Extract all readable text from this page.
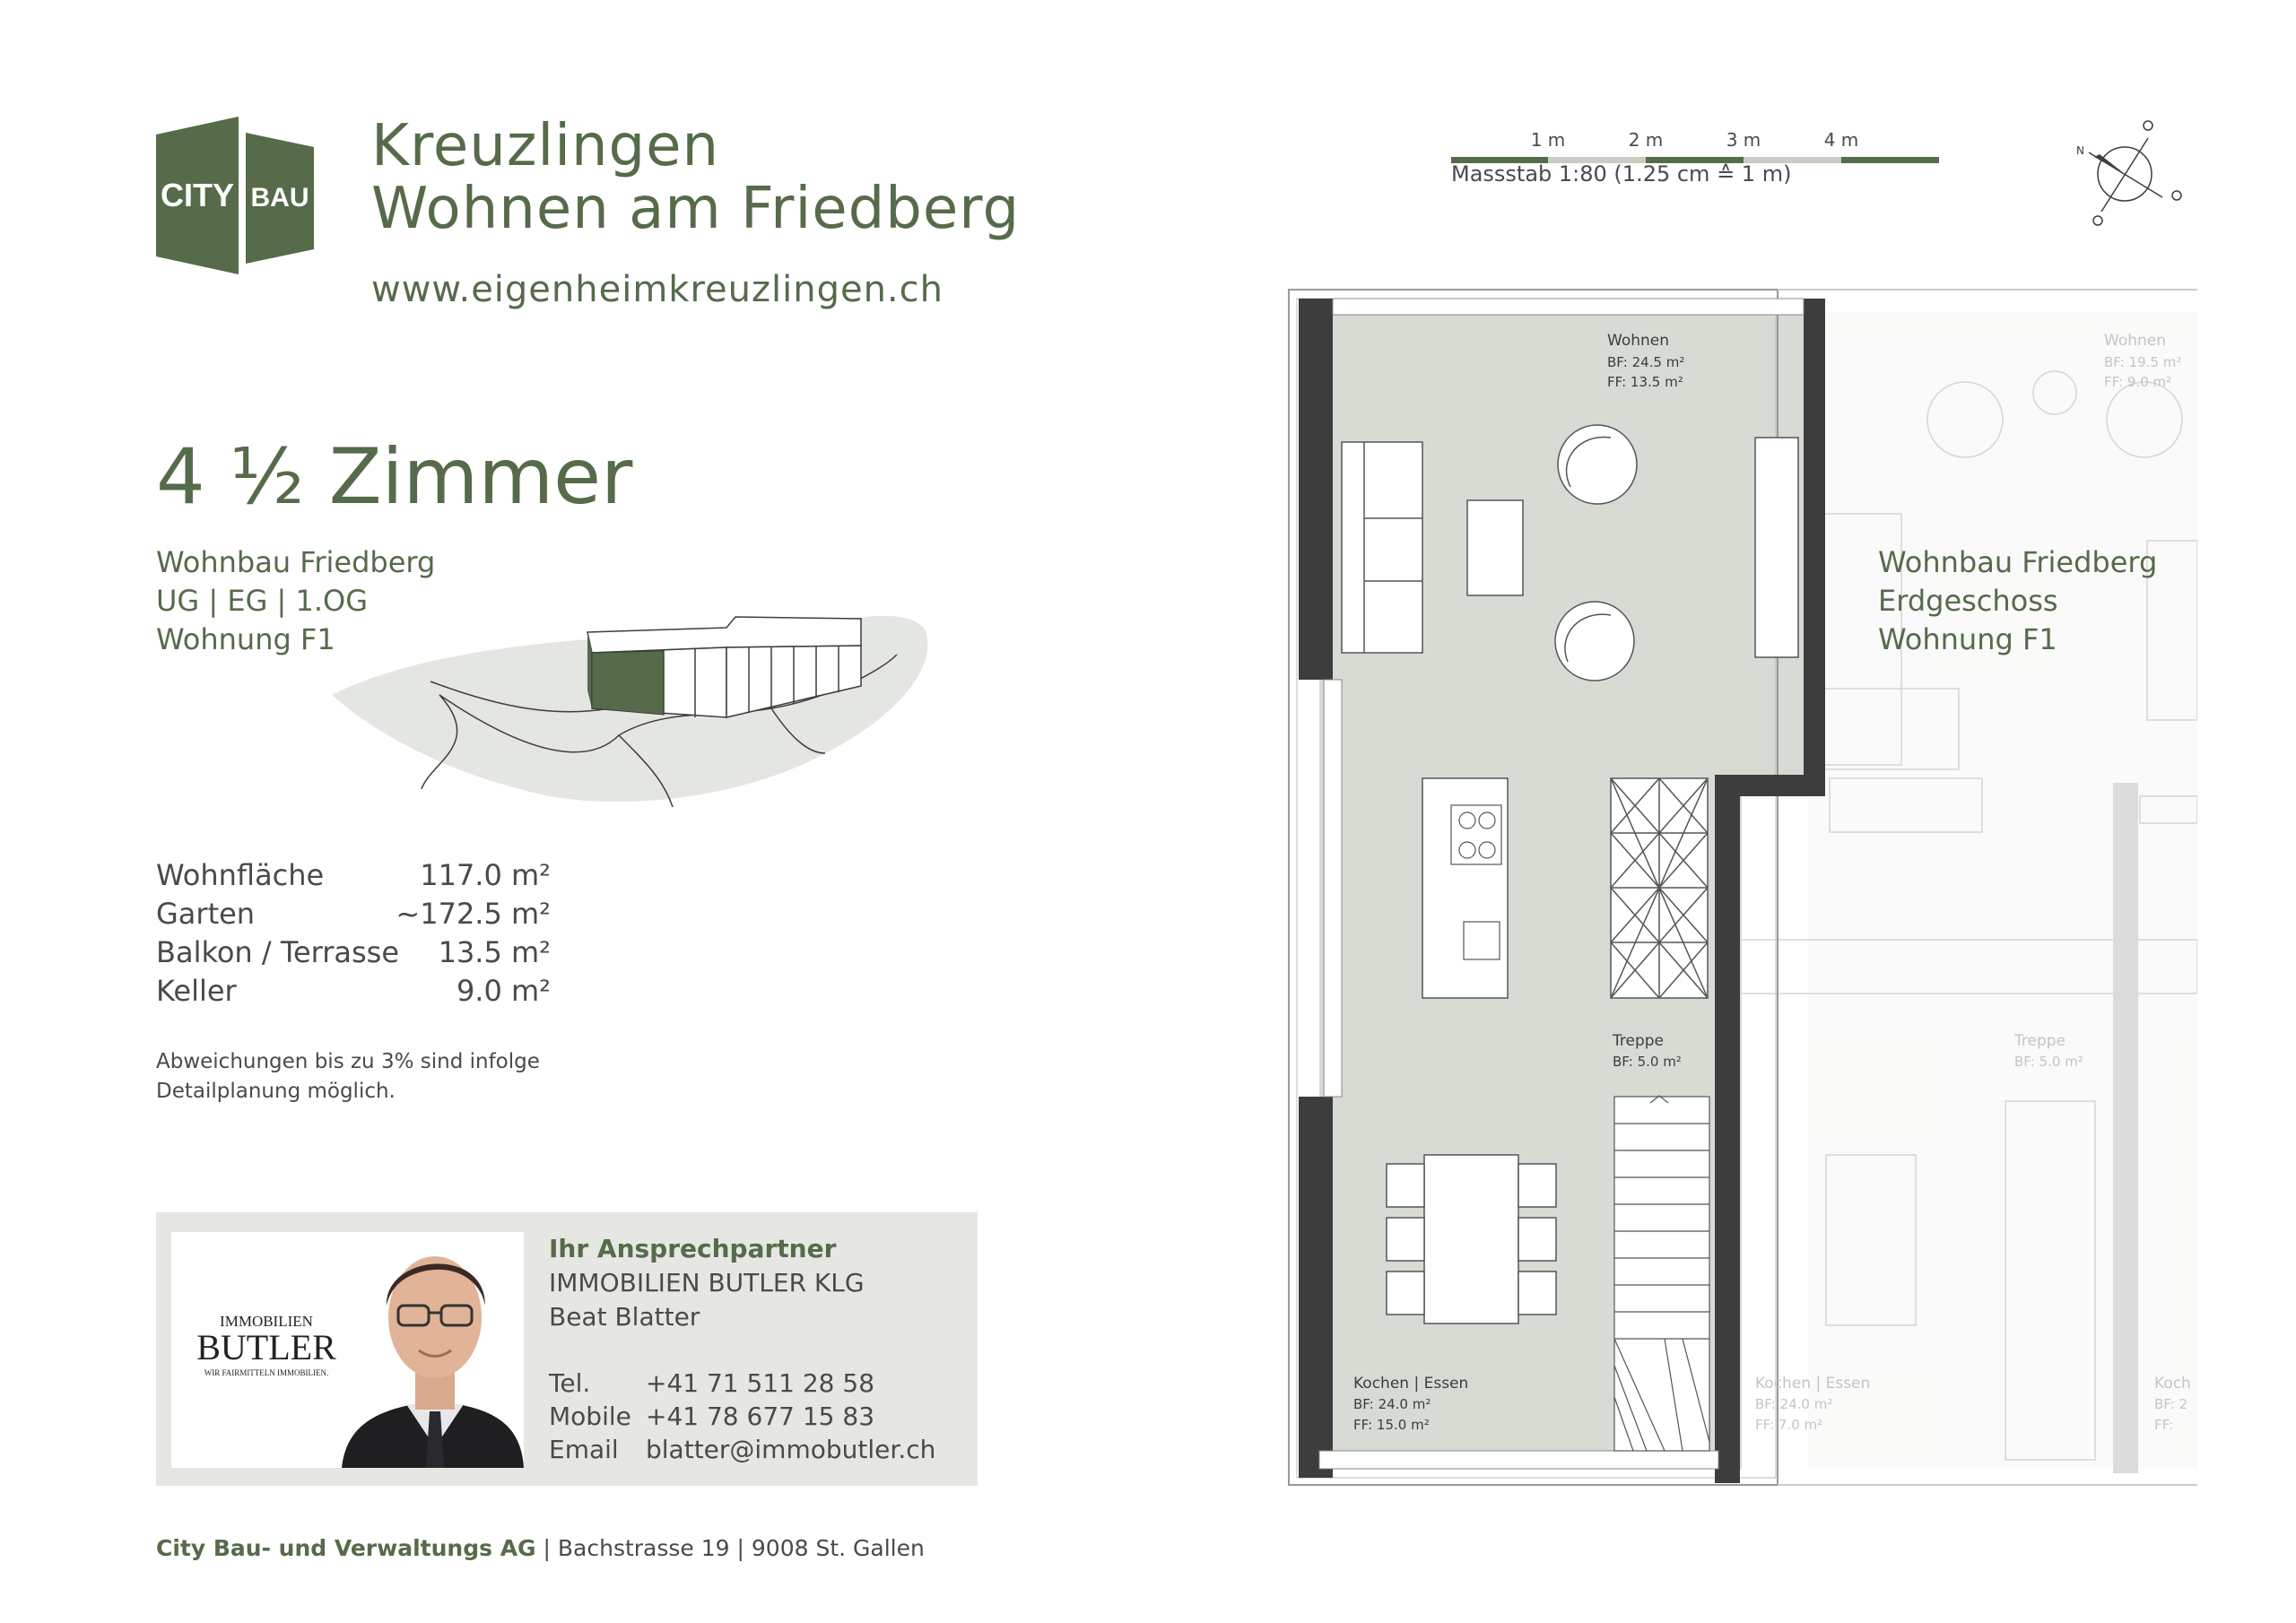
CITY BAU
Kreuzlingen
Wohnen am Friedberg
www.eigenheimkreuzlingen.ch
4 ½ Zimmer
Wohnbau Friedberg
UG | EG | 1.OG
Wohnung F1
Wohnfläche	117.0 m²
Garten	~172.5 m²
Balkon / Terrasse 13.5 m²
Keller	9.0 m²
Abweichungen bis zu 3% sind infolge
Detailplanung möglich.
IMMOBILIEN
BUTLER
WIR FAIRMITTELN IMMOBILIEN.
Ihr Ansprechpartner
IMMOBILIEN BUTLER KLG
Beat Blatter
Tel.	+41 71 511 28 58
Mobile +41 78 677 15 83
Email	blatter@immobutler.ch
City Bau- und Verwaltungs AG | Bachstrasse 19 | 9008 St. Gallen
1 m	2 m	3 m	4 m
Massstab 1:80 (1.25 cm ≙ 1 m)
N
Wohnen
BF: 24.5 m²
FF: 13.5 m²
Treppe
BF: 5.0 m²
Kochen | Essen
BF: 24.0 m²
FF: 15.0 m²
Wohnen
BF: 19.5 m²
FF: 9.0 m²
Treppe
BF: 5.0 m²
Kochen | Essen
BF: 24.0 m²
FF: 7.0 m²
Koch
BF: 2
FF:
Wohnbau Friedberg
Erdgeschoss
Wohnung F1
